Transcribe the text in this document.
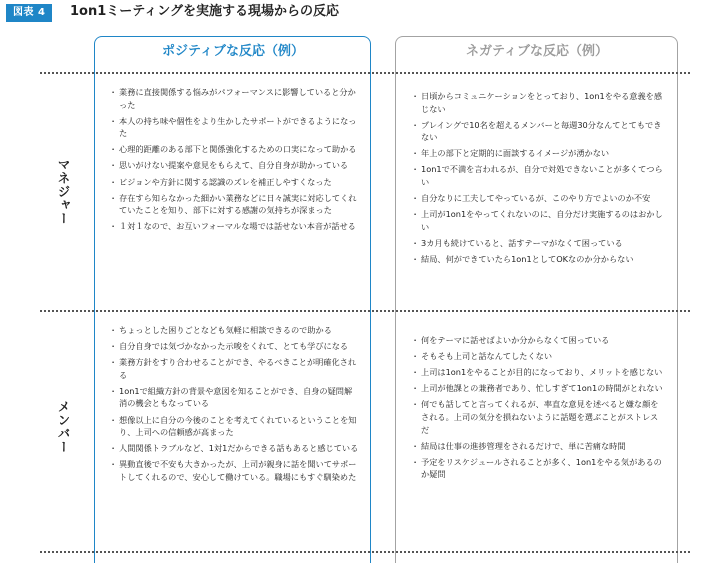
図表 4	1on1ミーティングを実施する現場からの反応
ポジティブな反応（例）	ネガティブな反応（例）
マネジャー
メンバー
・ 業務に直接関係する悩みがパフォーマンスに影響していると分かった
・ 本人の持ち味や個性をより生かしたサポートができるようになった
・ 心理的距離のある部下と関係強化するための口実になって助かる
・ 思いがけない提案や意見をもらえて、自分自身が助かっている
・ ビジョンや方針に関する認識のズレを補正しやすくなった
・ 存在すら知らなかった細かい業務などに日々誠実に対応してくれていたことを知り、部下に対する感謝の気持ちが深まった
・ １対１なので、お互いフォーマルな場では話せない本音が話せる
・ 日頃からコミュニケーションをとっており、1on1をやる意義を感じない
・ プレイングで10名を超えるメンバーと毎週30分なんてとてもできない
・ 年上の部下と定期的に面談するイメージが湧かない
・ 1on1で不満を言われるが、自分で対処できないことが多くてつらい
・ 自分なりに工夫してやっているが、このやり方でよいのか不安
・ 上司が1on1をやってくれないのに、自分だけ実施するのはおかしい
・ 3カ月も続けていると、話すテーマがなくて困っている
・ 結局、何ができていたら1on1としてOKなのか分からない
・ ちょっとした困りごとなども気軽に相談できるので助かる
・ 自分自身では気づかなかった示唆をくれて、とても学びになる
・ 業務方針をすり合わせることができ、やるべきことが明確化される
・ 1on1で組織方針の背景や意図を知ることができ、自身の疑問解消の機会ともなっている
・ 想像以上に自分の今後のことを考えてくれているということを知り、上司への信頼感が高まった
・ 人間関係トラブルなど、1対1だからできる話もあると感じている
・ 異動直後で不安も大きかったが、上司が親身に話を聞いてサポートしてくれるので、安心して働けている。職場にもすぐ馴染めた
・ 何をテーマに話せばよいか分からなくて困っている
・ そもそも上司と話なんてしたくない
・ 上司は1on1をやることが目的になっており、メリットを感じない
・ 上司が他課との兼務者であり、忙しすぎて1on1の時間がとれない
・ 何でも話してと言ってくれるが、率直な意見を述べると嫌な顔をされる。上司の気分を損ねないように話題を選ぶことがストレスだ
・ 結局は仕事の進捗管理をされるだけで、単に苦痛な時間
・ 予定をリスケジュールされることが多く、1on1をやる気があるのか疑問
